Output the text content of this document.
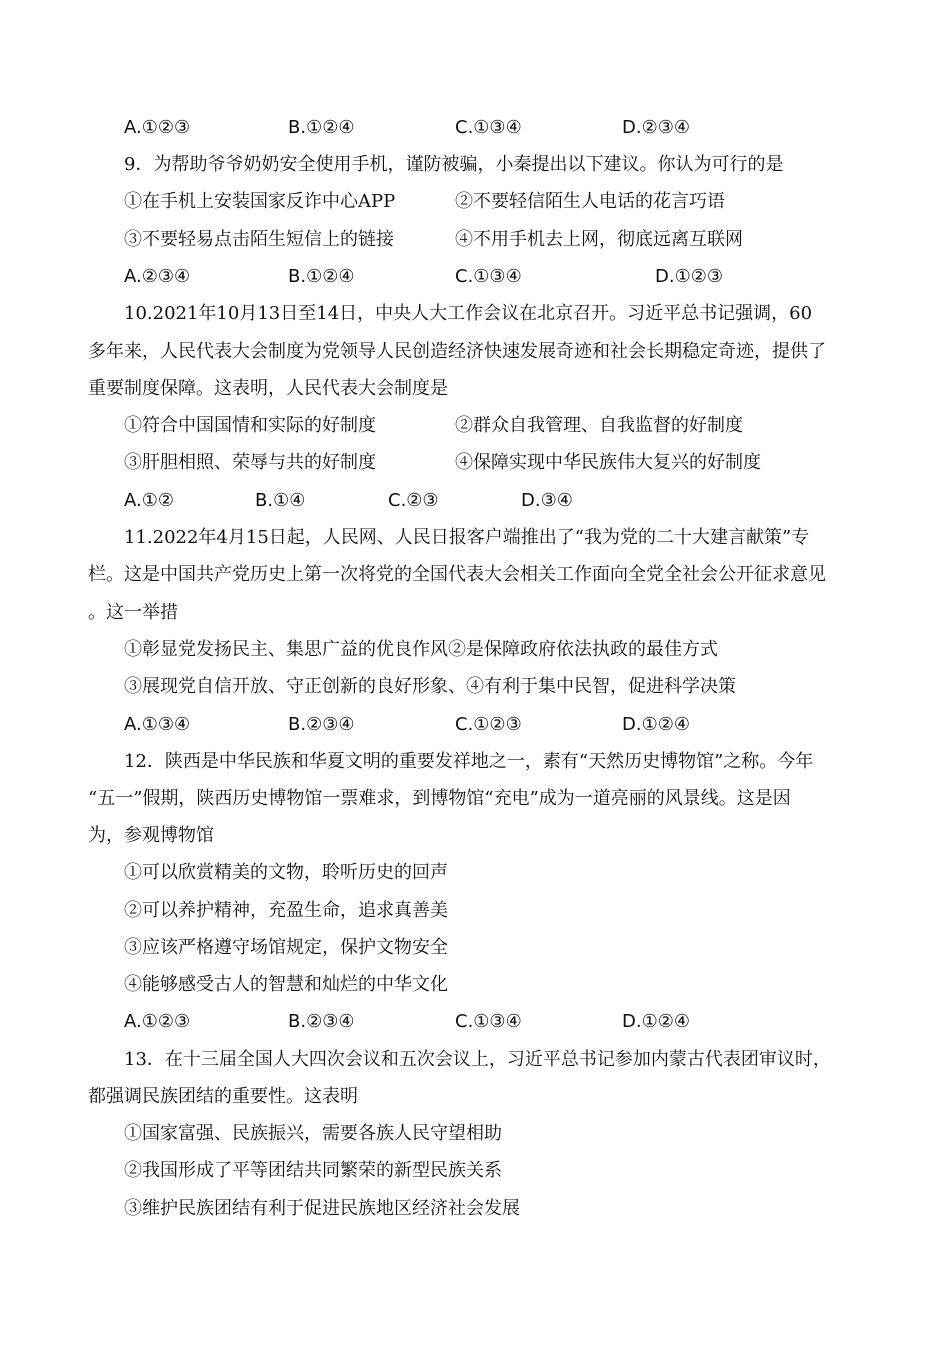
A.①②③	B.①②④	C.①③④	D.②③④
9．为帮助爷爷奶奶安全使用手机，谨防被骗，小秦提出以下建议。你认为可行的是
①在手机上安装国家反诈中心APP	②不要轻信陌生人电话的花言巧语
③不要轻易点击陌生短信上的链接	④不用手机去上网，彻底远离互联网
A.②③④	B.①②④	C.①③④	D.①②③
10.2021年10月13日至14日，中央人大工作会议在北京召开。习近平总书记强调，60
多年来，人民代表大会制度为党领导人民创造经济快速发展奇迹和社会长期稳定奇迹，提供了
重要制度保障。这表明，人民代表大会制度是
①符合中国国情和实际的好制度	②群众自我管理、自我监督的好制度
③肝胆相照、荣辱与共的好制度	④保障实现中华民族伟大复兴的好制度
A.①②	B.①④	C.②③	D.③④
11.2022年4月15日起，人民网、人民日报客户端推出了“我为党的二十大建言献策”专
栏。这是中国共产党历史上第一次将党的全国代表大会相关工作面向全党全社会公开征求意见
。这一举措
①彰显党发扬民主、集思广益的优良作风②是保障政府依法执政的最佳方式
③展现党自信开放、守正创新的良好形象、④有利于集中民智，促进科学决策
A.①③④	B.②③④	C.①②③	D.①②④
12．陕西是中华民族和华夏文明的重要发祥地之一，素有“天然历史博物馆”之称。今年
“五一”假期，陕西历史博物馆一票难求，到博物馆“充电”成为一道亮丽的风景线。这是因
为，参观博物馆
①可以欣赏精美的文物，聆听历史的回声
②可以养护精神，充盈生命，追求真善美
③应该严格遵守场馆规定，保护文物安全
④能够感受古人的智慧和灿烂的中华文化
A.①②③	B.②③④	C.①③④	D.①②④
13．在十三届全国人大四次会议和五次会议上，习近平总书记参加内蒙古代表团审议时，
都强调民族团结的重要性。这表明
①国家富强、民族振兴，需要各族人民守望相助
②我国形成了平等团结共同繁荣的新型民族关系
③维护民族团结有利于促进民族地区经济社会发展
